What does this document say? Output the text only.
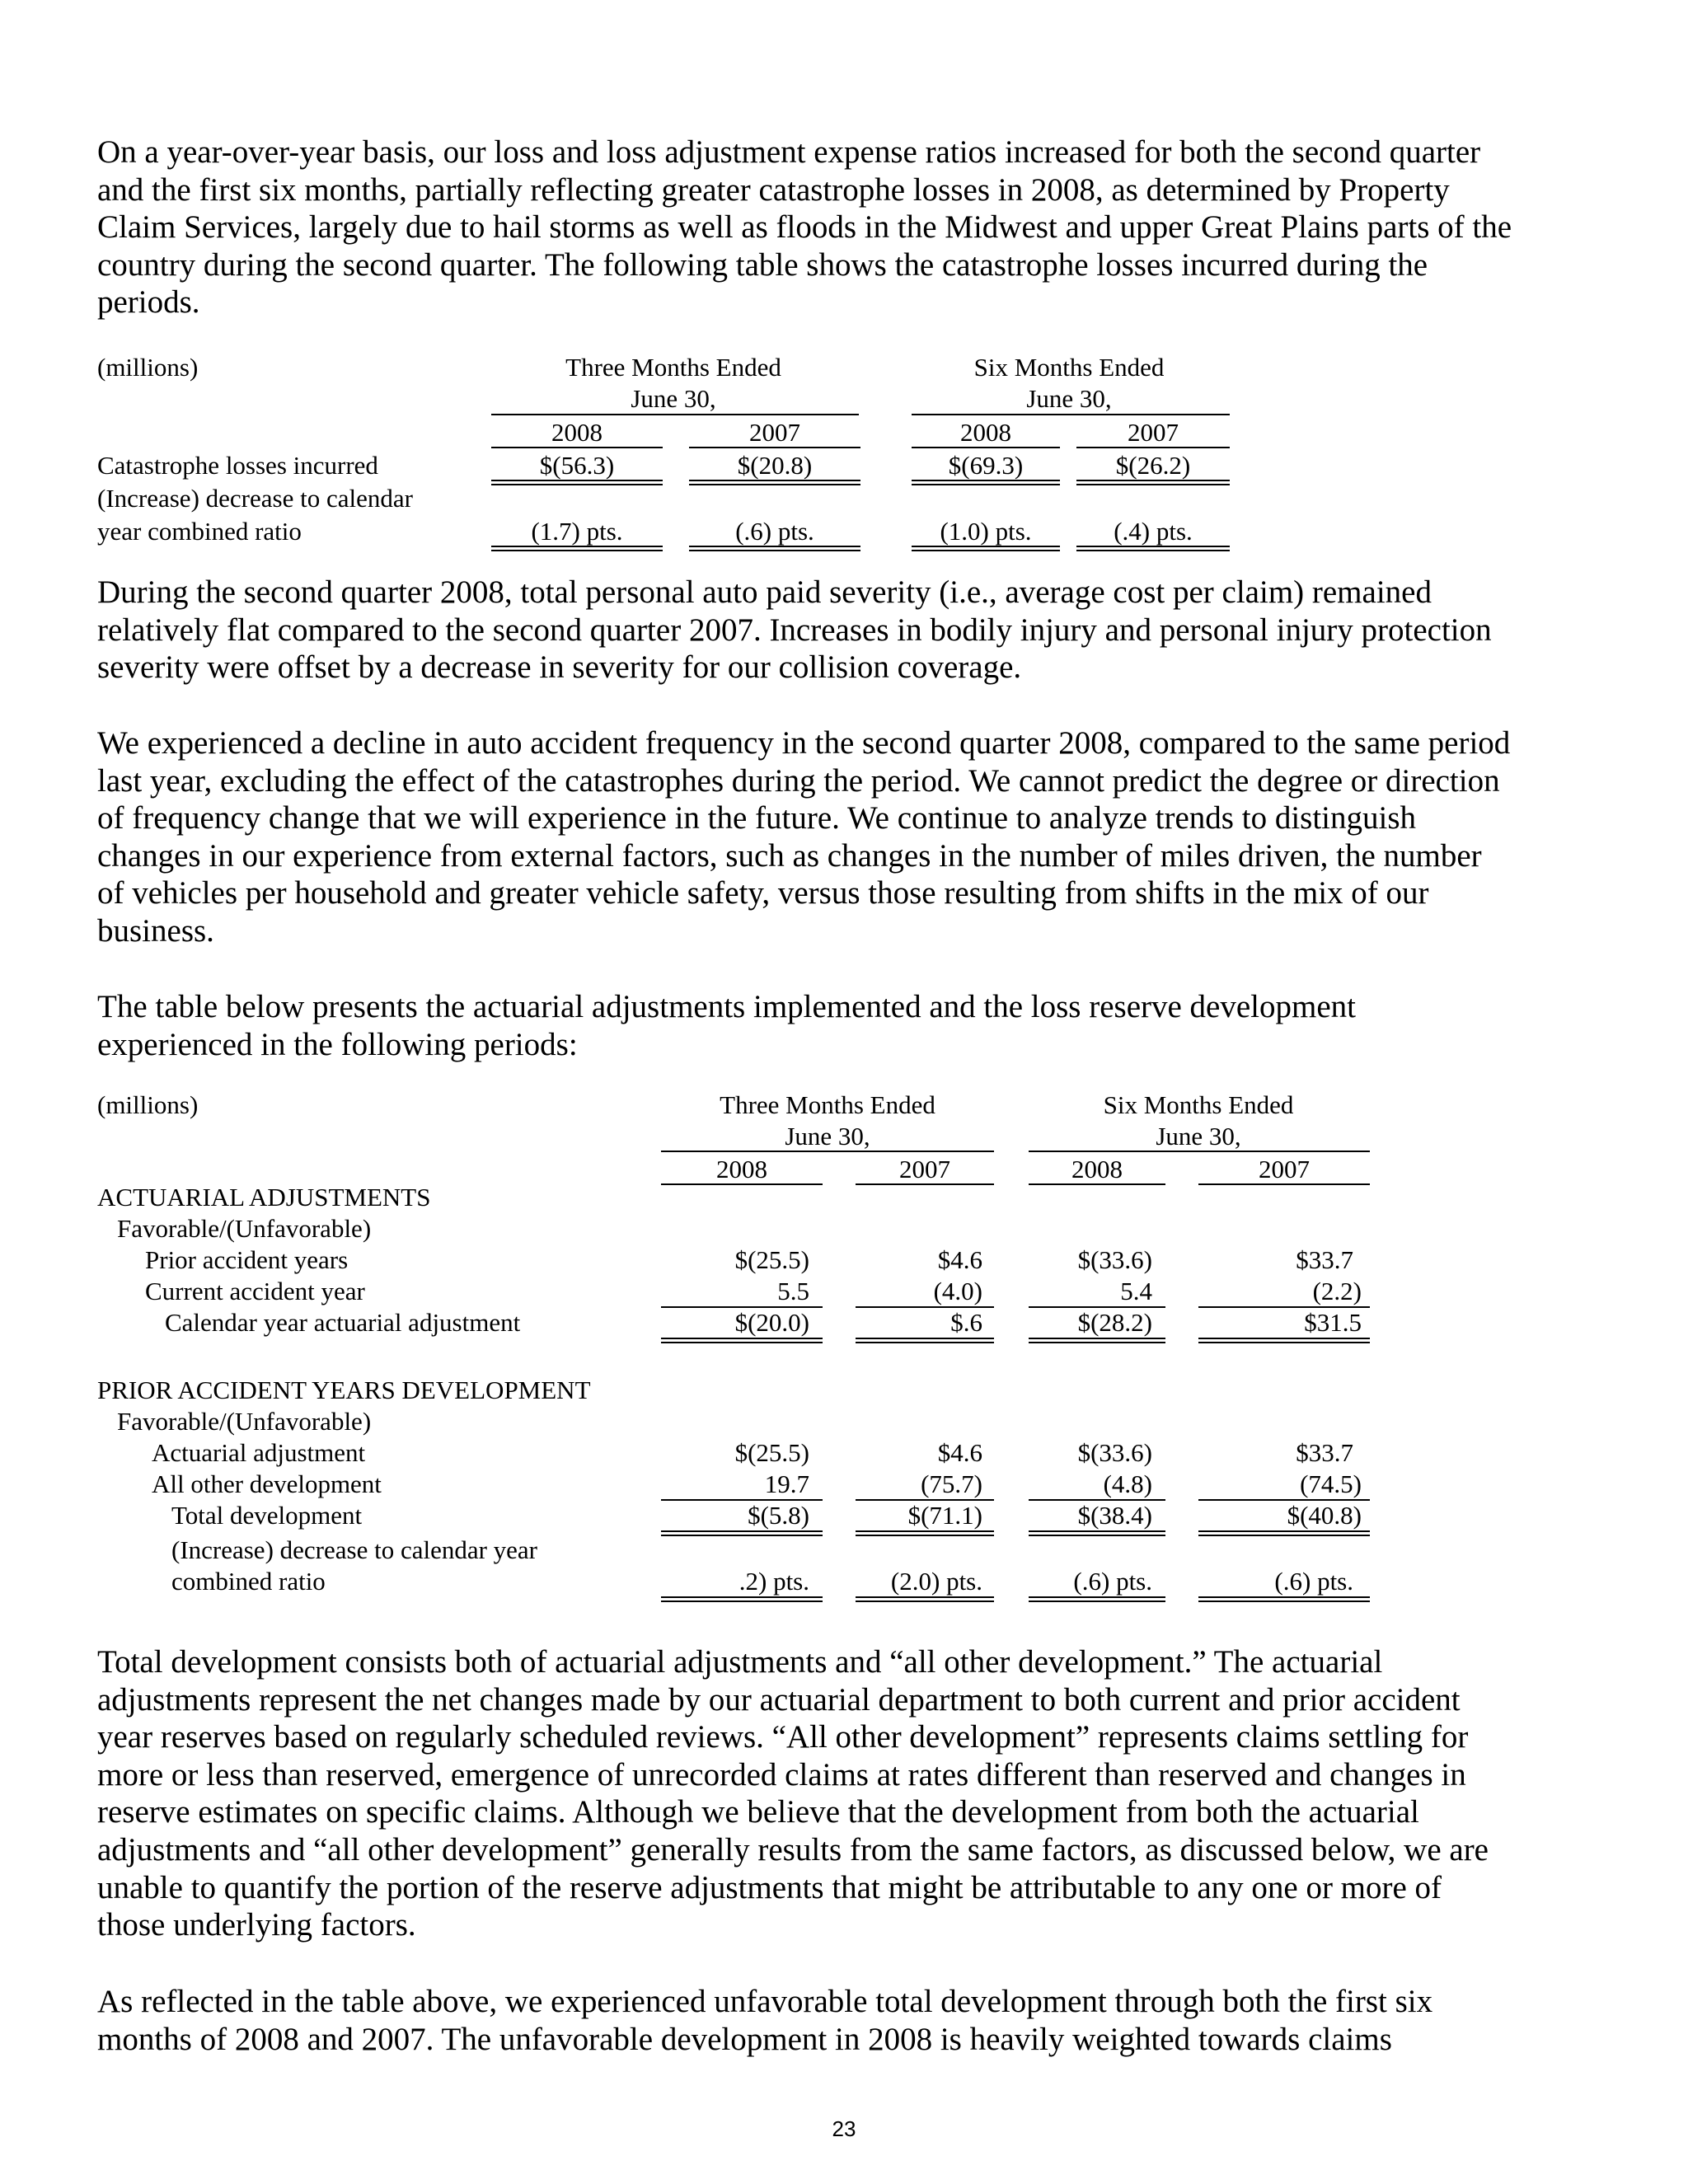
On a year-over-year basis, our loss and loss adjustment expense ratios increased for both the second quarter and the first six months, partially reflecting greater catastrophe losses in 2008, as determined by Property Claim Services, largely due to hail storms as well as floods in the Midwest and upper Great Plains parts of the country during the second quarter. The following table shows the catastrophe losses incurred during the periods.

(millions)	Three Months Ended
June 30,
Six Months Ended
June 30,
2008	2007	2008	2007
Catastrophe losses incurred	$(56.3)	$(20.8)	$(69.3)	$(26.2)
(Increase) decrease to calendar
year combined ratio	(1.7) pts.	(.6) pts.	(1.0) pts.	(.4) pts.

During the second quarter 2008, total personal auto paid severity (i.e., average cost per claim) remained relatively flat compared to the second quarter 2007. Increases in bodily injury and personal injury protection severity were offset by a decrease in severity for our collision coverage.

We experienced a decline in auto accident frequency in the second quarter 2008, compared to the same period last year, excluding the effect of the catastrophes during the period. We cannot predict the degree or direction of frequency change that we will experience in the future. We continue to analyze trends to distinguish changes in our experience from external factors, such as changes in the number of miles driven, the number of vehicles per household and greater vehicle safety, versus those resulting from shifts in the mix of our business.

The table below presents the actuarial adjustments implemented and the loss reserve development experienced in the following periods:

(millions)	Three Months Ended
June 30,
Six Months Ended
June 30,
2008	2007	2008	2007
ACTUARIAL ADJUSTMENTS
Favorable/(Unfavorable)
Prior accident years	$(25.5)	$4.6	$(33.6)	$33.7
Current accident year	5.5	(4.0)	5.4	(2.2)
Calendar year actuarial adjustment	$(20.0)	$.6	$(28.2)	$31.5
PRIOR ACCIDENT YEARS DEVELOPMENT
Favorable/(Unfavorable)
Actuarial adjustment	$(25.5)	$4.6	$(33.6)	$33.7
All other development	19.7	(75.7)	(4.8)	(74.5)
Total development	$(5.8)	$(71.1)	$(38.4)	$(40.8)
(Increase) decrease to calendar year
combined ratio	.2) pts.	(2.0) pts.	(.6) pts.	(.6) pts.

Total development consists both of actuarial adjustments and “all other development.” The actuarial adjustments represent the net changes made by our actuarial department to both current and prior accident year reserves based on regularly scheduled reviews. “All other development” represents claims settling for more or less than reserved, emergence of unrecorded claims at rates different than reserved and changes in reserve estimates on specific claims. Although we believe that the development from both the actuarial adjustments and “all other development” generally results from the same factors, as discussed below, we are unable to quantify the portion of the reserve adjustments that might be attributable to any one or more of those underlying factors.

As reflected in the table above, we experienced unfavorable total development through both the first six months of 2008 and 2007. The unfavorable development in 2008 is heavily weighted towards claims

23
